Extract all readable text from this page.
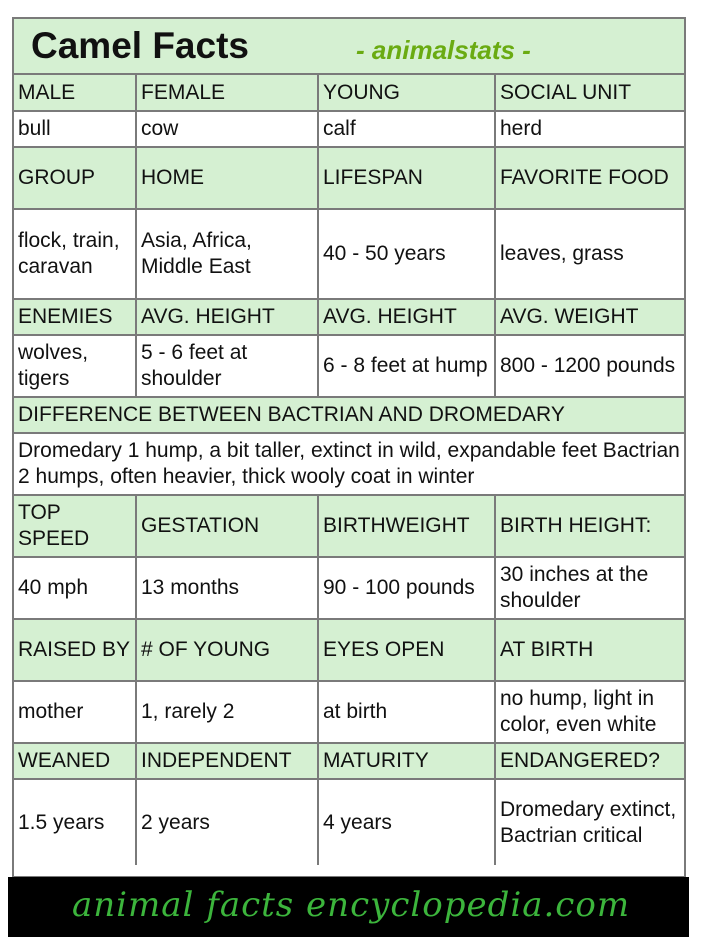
Camel Facts	- animalstats -
MALE	FEMALE	YOUNG	SOCIAL UNIT
bull	cow	calf	herd
GROUP	HOME	LIFESPAN	FAVORITE FOOD
flock, train, caravan	Asia, Africa, Middle East	40 - 50 years	leaves, grass
ENEMIES	AVG. HEIGHT	AVG. HEIGHT	AVG. WEIGHT
wolves, tigers	5 - 6 feet at shoulder	6 - 8 feet at hump	800 - 1200 pounds
DIFFERENCE BETWEEN BACTRIAN AND DROMEDARY			
Dromedary 1 hump, a bit taller, extinct in wild, expandable feet Bactrian 2 humps, often heavier, thick wooly coat in winter			
TOP SPEED	GESTATION	BIRTHWEIGHT	BIRTH HEIGHT:
40 mph	13 months	90 - 100 pounds	30 inches at the shoulder
RAISED BY	# OF YOUNG	EYES OPEN	AT BIRTH
mother	1, rarely 2	at birth	no hump, light in color, even white
WEANED	INDEPENDENT	MATURITY	ENDANGERED?
1.5 years	2 years	4 years	Dromedary extinct, Bactrian critical
animal facts encyclopedia.com
